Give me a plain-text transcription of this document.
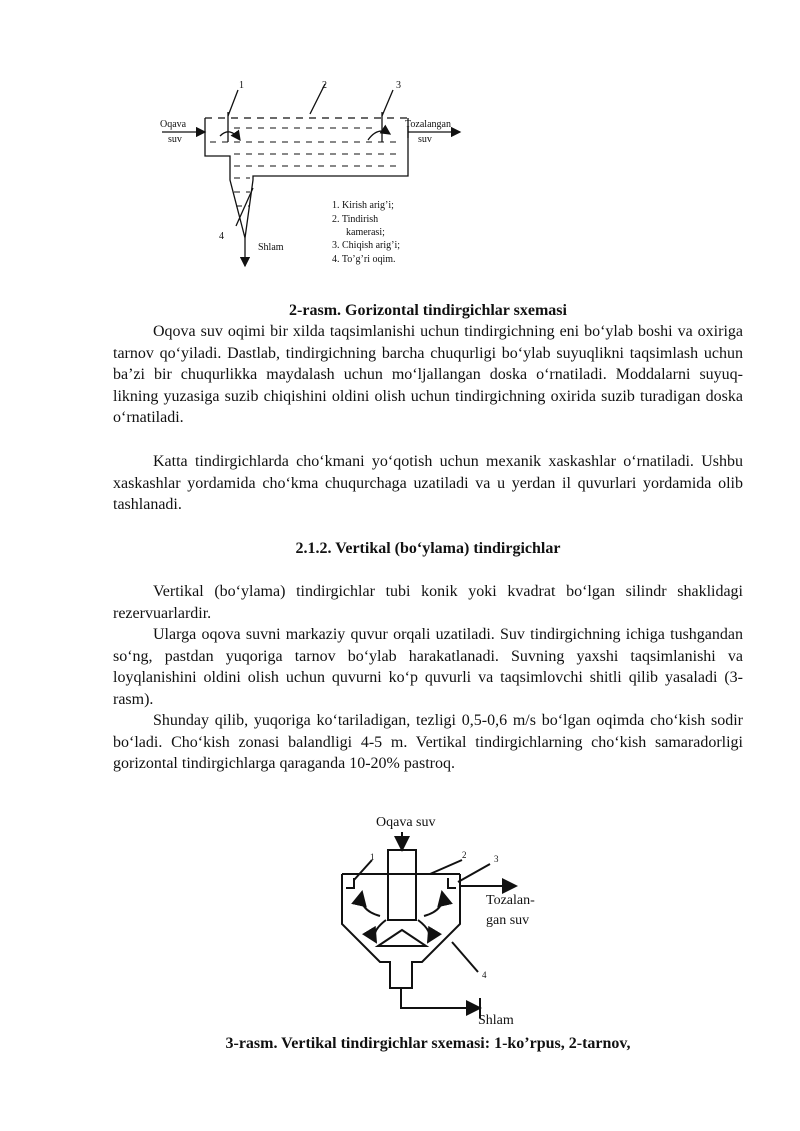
Oqava
suv
Tozalangan
suv
1	2	3
4
Shlam
1. Kirish arig’i;
2. Tindirish
kamerasi;
3. Chiqish arig’i;
4. To’g’ri oqim.
2-rasm. Gorizontal tindirgichlar sxemasi

Oqova suv oqimi bir xilda taqsimlanishi uchun tindirgichning eni bo‘ylab boshi va oxiriga tarnov qo‘yiladi. Dastlab, tindirgichning barcha chuqurligi bo‘ylab suyuqlikni taqsimlash uchun ba’zi bir chuqurlikka maydalash uchun mo‘ljallangan doska o‘rnatiladi. Moddalarni suyuq-likning yuzasiga suzib chiqishini oldini olish uchun tindirgichning oxirida suzib turadigan doska o‘rnatiladi.

Katta tindirgichlarda cho‘kmani yo‘qotish uchun mexanik xaskashlar o‘rnatiladi. Ushbu xaskashlar yordamida cho‘kma chuqurchaga uzatiladi va u yerdan il quvurlari yordamida olib tashlanadi.

2.1.2. Vertikal (bo‘ylama) tindirgichlar

Vertikal (bo‘ylama) tindirgichlar tubi konik yoki kvadrat bo‘lgan silindr shaklidagi rezervuarlardir.

Ularga oqova suvni markaziy quvur orqali uzatiladi. Suv tindirgichning ichiga tushgandan so‘ng, pastdan yuqoriga tarnov bo‘ylab harakatlanadi. Suvning yaxshi taqsimlanishi va loyqlanishini oldini olish uchun quvurni ko‘p quvurli va taqsimlovchi shitli qilib yasaladi (3-rasm).

Shunday qilib, yuqoriga ko‘tariladigan, tezligi 0,5-0,6 m/s bo‘lgan oqimda cho‘kish sodir bo‘ladi. Cho‘kish zonasi balandligi 4-5 m. Vertikal tindirgichlarning cho‘kish samaradorligi gorizontal tindirgichlarga qaraganda 10-20% pastroq.

Oqava suv
Tozalan-
gan suv
Shlam
1	2	3
4
3-rasm. Vertikal tindirgichlar sxemasi: 1-ko’rpus, 2-tarnov,
